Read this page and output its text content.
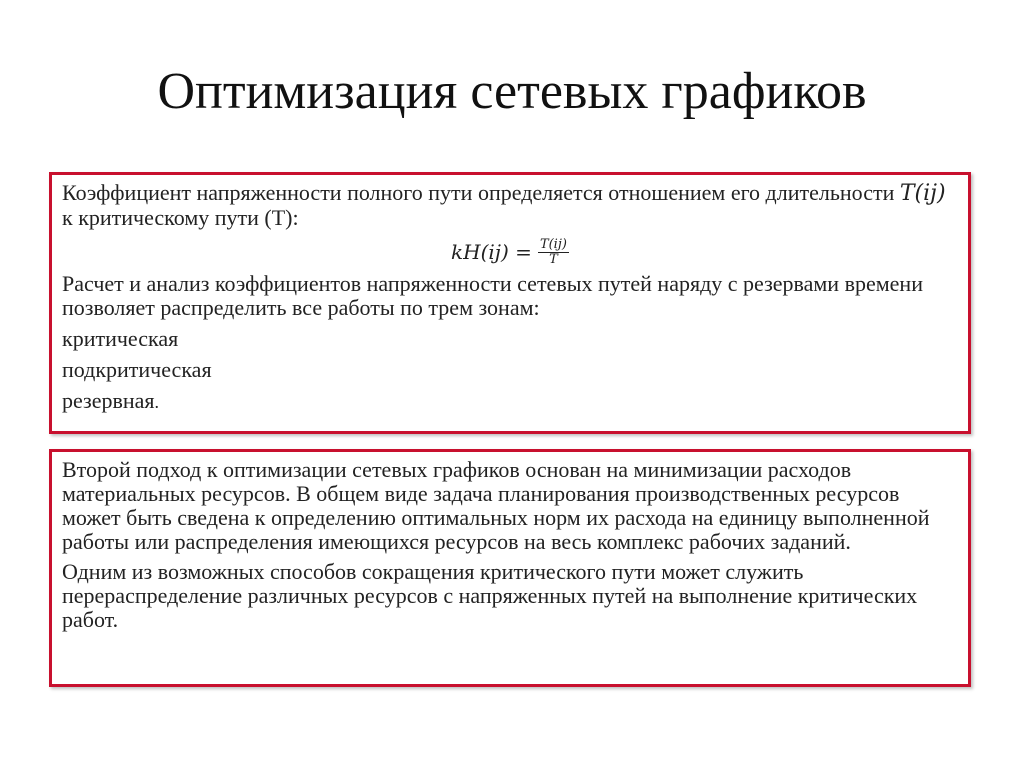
Оптимизация сетевых графиков

Коэффициент напряженности полного пути определяется отношением его длительности T(ij) к критическому пути (T):

$kH(ij) = \frac{T(ij)}{T}$

Расчет и анализ коэффициентов напряженности сетевых путей наряду с резервами времени позволяет распределить все работы по трем зонам:

критическая

подкритическая

резервная.

Второй подход к оптимизации сетевых графиков основан на минимизации расходов материальных ресурсов. В общем виде задача планирования производственных ресурсов может быть сведена к определению оптимальных норм их расхода на единицу выполненной работы или распределения имеющихся ресурсов на весь комплекс рабочих заданий.

Одним из возможных способов сокращения критического пути может служить перераспределение различных ресурсов с напряженных путей на выполнение критических работ.
